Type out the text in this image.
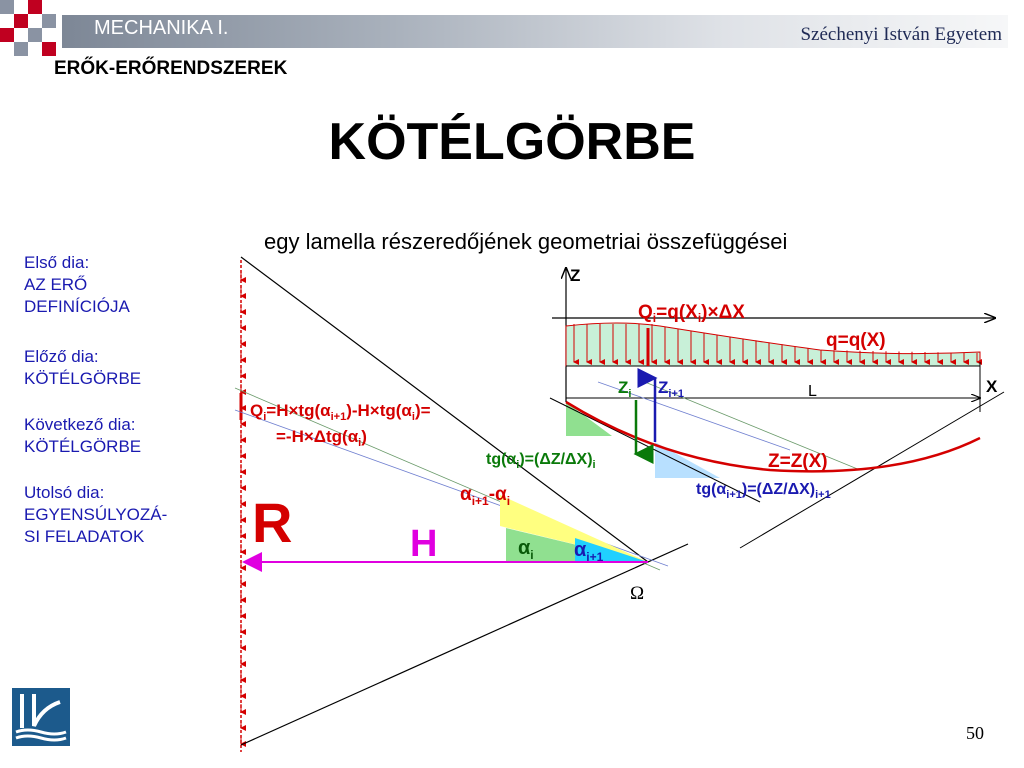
MECHANIKA I.	Széchenyi István Egyetem
ERŐK-ERŐRENDSZEREK
KÖTÉLGÖRBE
egy lamella részeredőjének geometriai összefüggései
Első dia:
AZ ERŐ
DEFINÍCIÓJA
Előző dia:
KÖTÉLGÖRBE
Következő dia:
KÖTÉLGÖRBE
Utolsó dia:
EGYENSÚLYOZÁ-
SI FELADATOK
Z
X
L
$Q_i=q(X_i)\times\Delta X$
q=q(X)
$Z_i$ $Z_{i+1}$
Z=Z(X)
$tg(\alpha_i)=(\Delta Z/\Delta X)_i$
$tg(\alpha_{i+1})=(\Delta Z/\Delta X)_{i+1}$
$Q_i=H\times tg(\alpha_{i+1})-H\times tg(\alpha_i)=$
$=-H\times\Delta tg(\alpha_i)$
R	H
$\alpha_{i+1}-\alpha_i$
$\alpha_i$ $\alpha_{i+1}$
Ω
50
